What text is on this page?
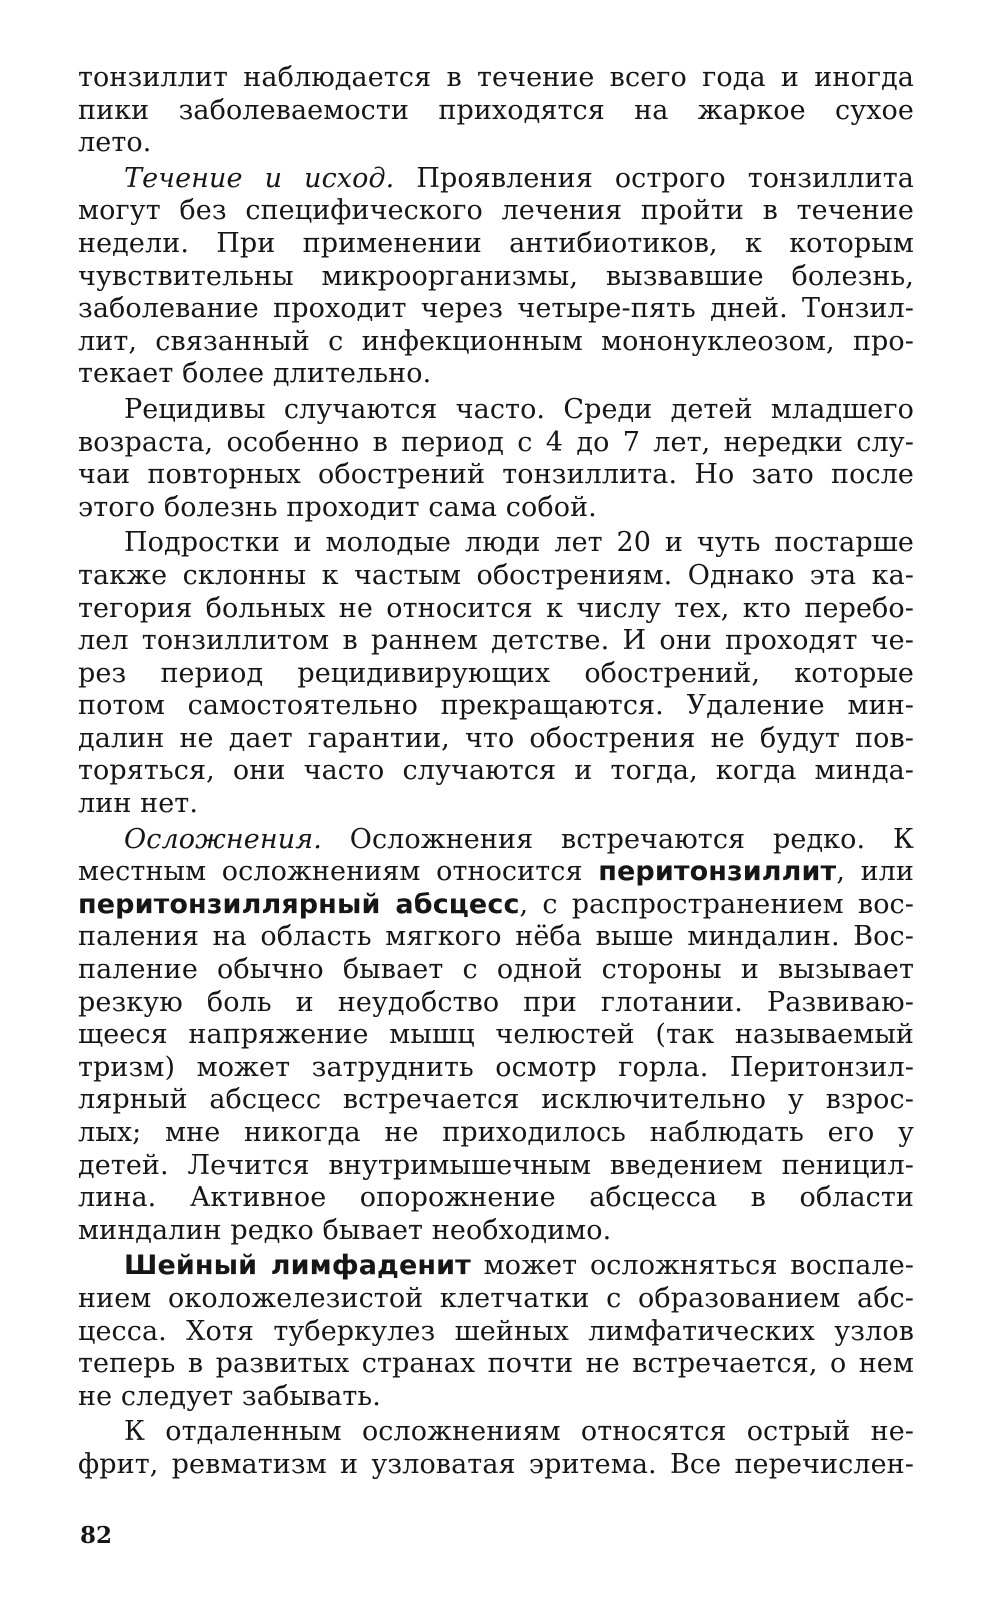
тонзиллит наблюдается в течение всего года и иногда
пики заболеваемости приходятся на жаркое сухое
лето.
Течение и исход. Проявления острого тонзиллита
могут без специфического лечения пройти в течение
недели. При применении антибиотиков, к которым
чувствительны микроорганизмы, вызвавшие болезнь,
заболевание проходит через четыре-пять дней. Тонзил-
лит, связанный с инфекционным мононуклеозом, про-
текает более длительно.
Рецидивы случаются часто. Среди детей младшего
возраста, особенно в период с 4 до 7 лет, нередки слу-
чаи повторных обострений тонзиллита. Но зато после
этого болезнь проходит сама собой.
Подростки и молодые люди лет 20 и чуть постарше
также склонны к частым обострениям. Однако эта ка-
тегория больных не относится к числу тех, кто перебо-
лел тонзиллитом в раннем детстве. И они проходят че-
рез период рецидивирующих обострений, которые
потом самостоятельно прекращаются. Удаление мин-
далин не дает гарантии, что обострения не будут пов-
торяться, они часто случаются и тогда, когда минда-
лин нет.
Осложнения. Осложнения встречаются редко. К
местным осложнениям относится перитонзиллит, или
перитонзиллярный абсцесс, с распространением вос-
паления на область мягкого нёба выше миндалин. Вос-
паление обычно бывает с одной стороны и вызывает
резкую боль и неудобство при глотании. Развиваю-
щееся напряжение мышц челюстей (так называемый
тризм) может затруднить осмотр горла. Перитонзил-
лярный абсцесс встречается исключительно у взрос-
лых; мне никогда не приходилось наблюдать его у
детей. Лечится внутримышечным введением пеницил-
лина. Активное опорожнение абсцесса в области
миндалин редко бывает необходимо.
Шейный лимфаденит может осложняться воспале-
нием околожелезистой клетчатки с образованием абс-
цесса. Хотя туберкулез шейных лимфатических узлов
теперь в развитых странах почти не встречается, о нем
не следует забывать.
К отдаленным осложнениям относятся острый не-
фрит, ревматизм и узловатая эритема. Все перечислен-
82
